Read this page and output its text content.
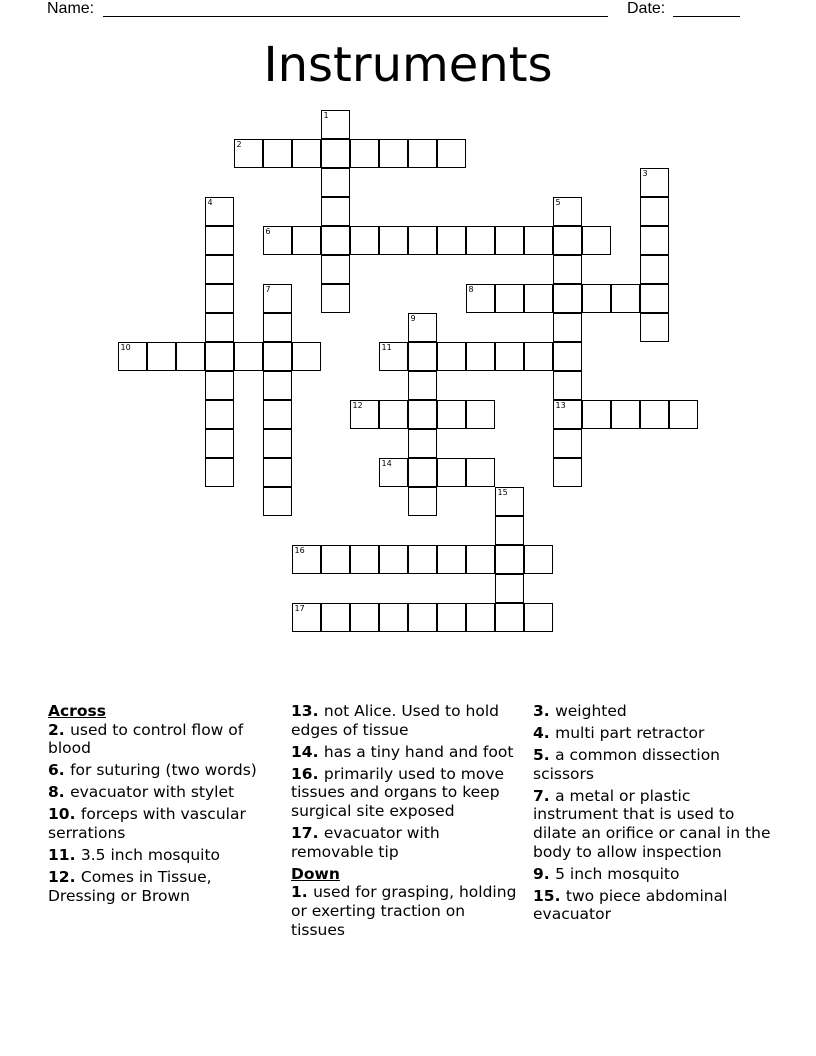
Name:	Date:
Instruments
2
6
8
10	11
12	13
14
16
17
1
3
4	5
7
9
15

Across

2 . used to control flow of blood

6 . for suturing (two words)

8 . evacuator with stylet

10 . forceps with vascular serrations

11 . 3.5 inch mosquito

12 . Comes in Tissue, Dressing or Brown

13 . not Alice. Used to hold edges of tissue

14 . has a tiny hand and foot

16 . primarily used to move tissues and organs to keep surgical site exposed

17 . evacuator with removable tip

Down

1 . used for grasping, holding or exerting traction on tissues

3 . weighted

4 . multi part retractor

5 . a common dissection scissors

7 . a metal or plastic instrument that is used to dilate an orifice or canal in the body to allow inspection

9 . 5 inch mosquito

15 . two piece abdominal evacuator
